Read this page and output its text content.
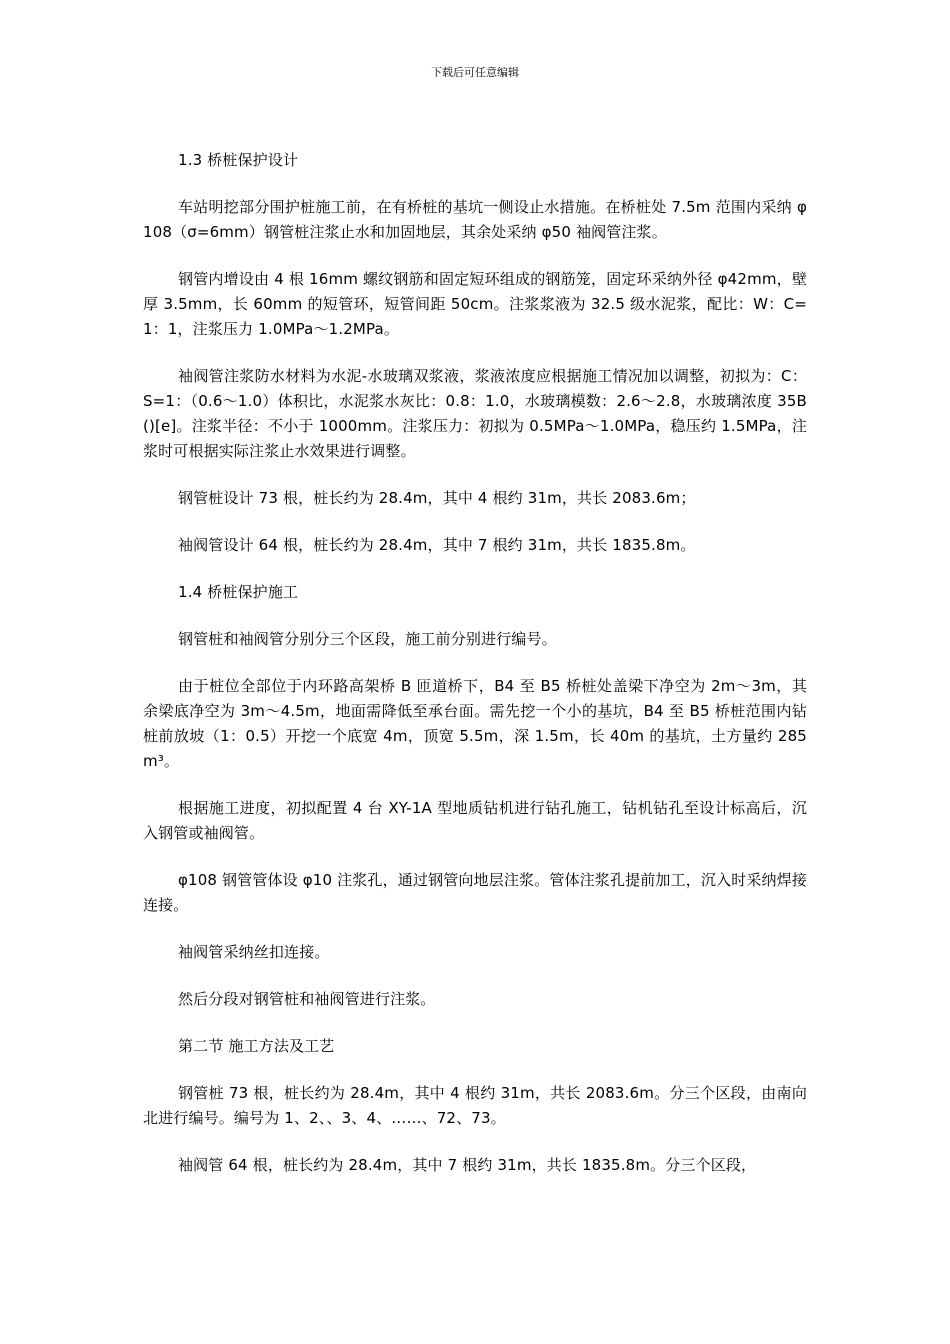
下载后可任意编辑

1.3 桥桩保护设计

车站明挖部分围护桩施工前，在有桥桩的基坑一侧设止水措施。在桥桩处 7.5m 范围内采纳 φ108（σ=6mm）钢管桩注浆止水和加固地层，其余处采纳 φ50 袖阀管注浆。

钢管内增设由 4 根 16mm 螺纹钢筋和固定短环组成的钢筋笼，固定环采纳外径 φ42mm，壁厚 3.5mm，长 60mm 的短管环，短管间距 50cm。注浆浆液为 32.5 级水泥浆，配比：W：C=1：1，注浆压力 1.0MPa～1.2MPa。

袖阀管注浆防水材料为水泥-水玻璃双浆液，浆液浓度应根据施工情况加以调整，初拟为：C：S=1：（0.6～1.0）体积比，水泥浆水灰比：0.8：1.0，水玻璃模数：2.6～2.8，水玻璃浓度 35B()[e]。注浆半径：不小于 1000mm。注浆压力：初拟为 0.5MPa～1.0MPa，稳压约 1.5MPa，注浆时可根据实际注浆止水效果进行调整。

钢管桩设计 73 根，桩长约为 28.4m，其中 4 根约 31m，共长 2083.6m；

袖阀管设计 64 根，桩长约为 28.4m，其中 7 根约 31m，共长 1835.8m。

1.4 桥桩保护施工

钢管桩和袖阀管分别分三个区段，施工前分别进行编号。

由于桩位全部位于内环路高架桥 B 匝道桥下，B4 至 B5 桥桩处盖梁下净空为 2m～3m，其余梁底净空为 3m～4.5m，地面需降低至承台面。需先挖一个小的基坑，B4 至 B5 桥桩范围内钻桩前放坡（1：0.5）开挖一个底宽 4m，顶宽 5.5m，深 1.5m，长 40m 的基坑，土方量约 285m³。

根据施工进度，初拟配置 4 台 XY-1A 型地质钻机进行钻孔施工，钻机钻孔至设计标高后，沉入钢管或袖阀管。

φ108 钢管管体设 φ10 注浆孔，通过钢管向地层注浆。管体注浆孔提前加工，沉入时采纳焊接连接。

袖阀管采纳丝扣连接。

然后分段对钢管桩和袖阀管进行注浆。

第二节 施工方法及工艺

钢管桩 73 根，桩长约为 28.4m，其中 4 根约 31m，共长 2083.6m。分三个区段，由南向北进行编号。编号为 1、2、、3、4、……、72、73。

袖阀管 64 根，桩长约为 28.4m，其中 7 根约 31m，共长 1835.8m。分三个区段，
